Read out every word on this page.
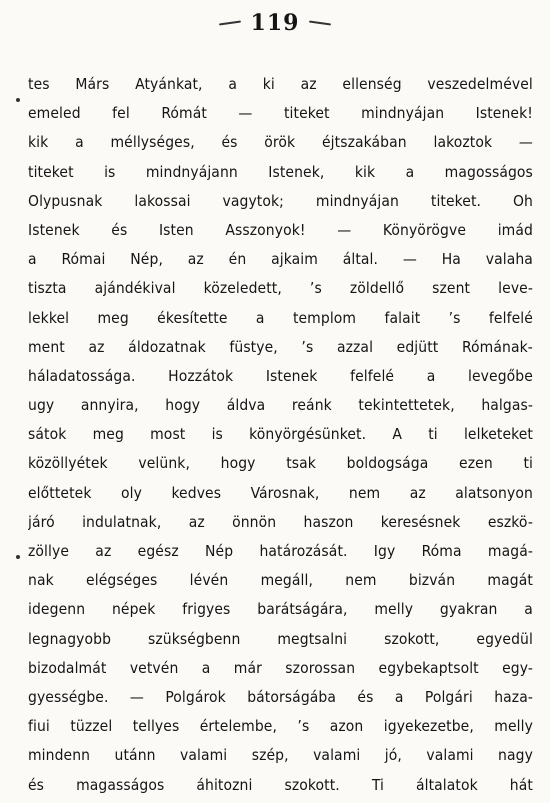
119
tes Márs Atyánkat, a ki az ellenség veszedelmével
emeled fel Rómát — titeket mindnyájan Istenek!
kik a méllységes, és örök éjtszakában lakoztok —
titeket is mindnyájann Istenek, kik a magosságos
Olypusnak lakossai vagytok; mindnyájan titeket. Oh
Istenek és Isten Asszonyok! — Könyörögve imád
a Római Nép, az én ajkaim által. — Ha valaha
tiszta ajándékival közeledett, ’s zöldellő szent leve-
lekkel meg ékesítette a templom falait ’s felfelé
ment az áldozatnak füstye, ’s azzal edjütt Rómának-
háladatossága. Hozzátok Istenek felfelé a levegőbe
ugy annyira, hogy áldva reánk tekintettetek, halgas-
sátok meg most is könyörgésünket. A ti lelketeket
közöllyétek velünk, hogy tsak boldogsága ezen ti
előttetek oly kedves Városnak, nem az alatsonyon
járó indulatnak, az önnön haszon keresésnek eszkö-
zöllye az egész Nép határozását. Igy Róma magá-
nak elégséges lévén megáll, nem bizván magát
idegenn népek frigyes barátságára, melly gyakran a
legnagyobb szükségbenn megtsalni szokott, egyedül
bizodalmát vetvén a már szorossan egybekaptsolt egy-
gyességbe. — Polgárok bátorságába és a Polgári haza-
fiui tüzzel tellyes értelembe, ’s azon igyekezetbe, melly
mindenn utánn valami szép, valami jó, valami nagy
és magasságos áhitozni szokott. Ti általatok hát
